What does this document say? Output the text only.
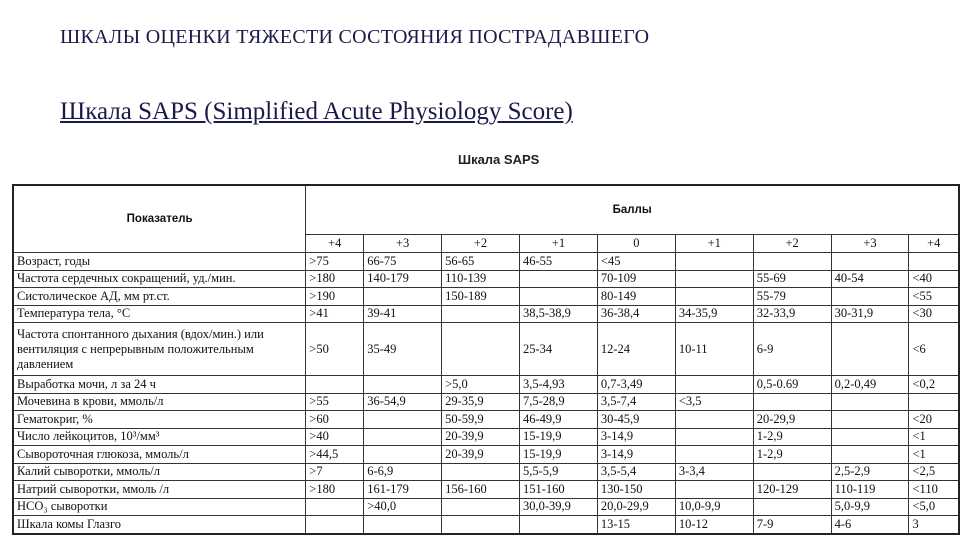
ШКАЛЫ ОЦЕНКИ ТЯЖЕСТИ СОСТОЯНИЯ ПОСТРАДАВШЕГО
Шкала SAPS (Simplified Acute Physiology Score)
Шкала SAPS
Показатель	Баллы								
	+4	+3	+2	+1	0	+1	+2	+3	+4
Возраст, годы	>75	66-75	56-65	46-55	<45				
Частота сердечных сокращений, уд./мин.	>180	140-179	110-139		70-109		55-69	40-54	<40
Систолическое АД, мм рт.ст.	>190		150-189		80-149		55-79		<55
Температура тела, °С	>41	39-41		38,5-38,9	36-38,4	34-35,9	32-33,9	30-31,9	<30
Частота спонтанного дыхания (вдох/мин.) или вентиляция с непрерывным положительным давлением	>50	35-49		25-34	12-24	10-11	6-9		<6
Выработка мочи, л за 24 ч			>5,0	3,5-4,93	0,7-3,49		0,5-0.69	0,2-0,49	<0,2
Мочевина в крови, ммоль/л	>55	36-54,9	29-35,9	7,5-28,9	3,5-7,4	<3,5			
Гематокриг, %	>60		50-59,9	46-49,9	30-45,9		20-29,9		<20
Число лейкоцитов, 10³/мм³	>40		20-39,9	15-19,9	3-14,9		1-2,9		<1
Сывороточная глюкоза, ммоль/л	>44,5		20-39,9	15-19,9	3-14,9		1-2,9		<1
Калий сыворотки, ммоль/л	>7	6-6,9		5,5-5,9	3,5-5,4	3-3,4		2,5-2,9	<2,5
Натрий сыворотки, ммоль /л	>180	161-179	156-160	151-160	130-150		120-129	110-119	<110
НСО₃ сыворотки		>40,0		30,0-39,9	20,0-29,9	10,0-9,9		5,0-9,9	<5,0
Шкала комы Глазго					13-15	10-12	7-9	4-6	3
